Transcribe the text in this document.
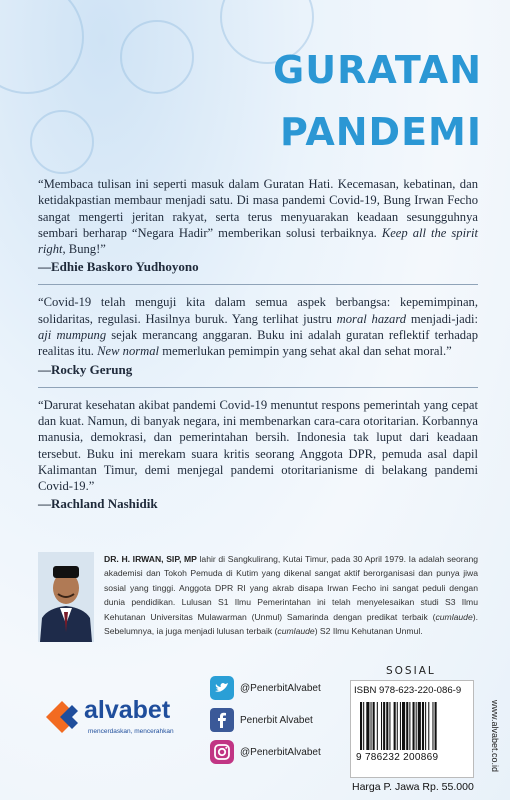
GURATAN
PANDEMI

“Membaca tulisan ini seperti masuk dalam Guratan Hati. Kecemasan, kebatinan, dan ketidakpastian membaur menjadi satu. Di masa pandemi Covid-19, Bung Irwan Fecho sangat mengerti jeritan rakyat, serta terus menyuarakan keadaan sesungguhnya sembari berharap “Negara Hadir” memberikan solusi terbaiknya. Keep all the spirit right, Bung!”

—Edhie Baskoro Yudhoyono

“Covid-19 telah menguji kita dalam semua aspek berbangsa: kepemimpinan, solidaritas, regulasi. Hasilnya buruk. Yang terlihat justru moral hazard menjadi-jadi: aji mumpung sejak merancang anggaran. Buku ini adalah guratan reflektif terhadap realitas itu. New normal memerlukan pemimpin yang sehat akal dan sehat moral.”

—Rocky Gerung

“Darurat kesehatan akibat pandemi Covid-19 menuntut respons pemerintah yang cepat dan kuat. Namun, di banyak negara, ini membenarkan cara-cara otoritarian. Korbannya manusia, demokrasi, dan pemerintahan bersih. Indonesia tak luput dari keadaan tersebut. Buku ini merekam suara kritis seorang Anggota DPR, pemuda asal dapil Kalimantan Timur, demi menjegal pandemi otoritarianisme di belakang pandemi Covid-19.”

—Rachland Nashidik
DR. H. IRWAN, SIP, MP lahir di Sangkulirang, Kutai Timur, pada 30 April 1979. Ia adalah seorang akademisi dan Tokoh Pemuda di Kutim yang dikenal sangat aktif berorganisasi dan punya jiwa sosial yang tinggi. Anggota DPR RI yang akrab disapa Irwan Fecho ini sangat peduli dengan dunia pendidikan. Lulusan S1 Ilmu Pemerintahan ini telah menyelesaikan studi S3 Ilmu Kehutanan Universitas Mulawarman (Unmul) Samarinda dengan predikat terbaik (cumlaude). Sebelumnya, ia juga menjadi lulusan terbaik (cumlaude) S2 Ilmu Kehutanan Unmul.
alvabet
mencerdaskan, mencerahkan
@PenerbitAlvabet
Penerbit Alvabet
@PenerbitAlvabet
SOSIAL
ISBN 978-623-220-086-9
9 786232 200869
Harga P. Jawa Rp. 55.000
www.alvabet.co.id
